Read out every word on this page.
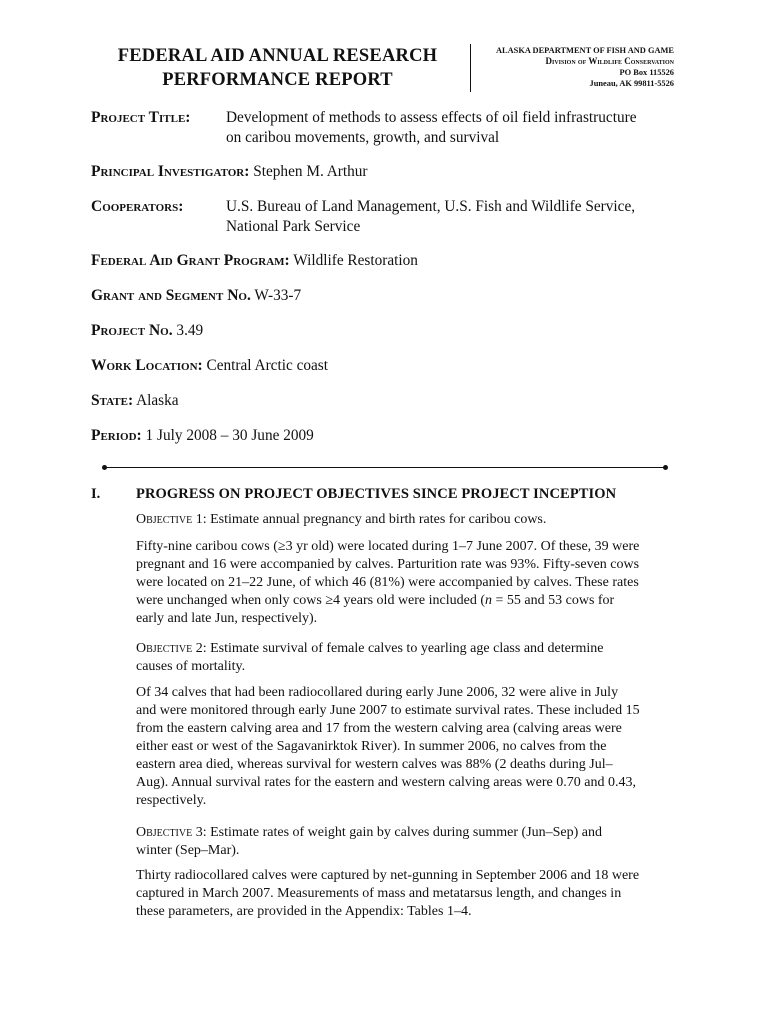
FEDERAL AID ANNUAL RESEARCH
PERFORMANCE REPORT
ALASKA DEPARTMENT OF FISH AND GAME
Division of Wildlife Conservation
PO Box 115526
Juneau, AK 99811-5526
Project Title: Development of methods to assess effects of oil field infrastructure
on caribou movements, growth, and survival
Principal Investigator: Stephen M. Arthur
Cooperators:	U.S. Bureau of Land Management, U.S. Fish and Wildlife Service,
National Park Service
Federal Aid Grant Program: Wildlife Restoration
Grant and Segment No. W-33-7
Project No. 3.49
Work Location: Central Arctic coast
State: Alaska
Period: 1 July 2008 – 30 June 2009
I. PROGRESS ON PROJECT OBJECTIVES SINCE PROJECT INCEPTION
Objective 1: Estimate annual pregnancy and birth rates for caribou cows.
Fifty-nine caribou cows (≥3 yr old) were located during 1–7 June 2007. Of these, 39 were
pregnant and 16 were accompanied by calves. Parturition rate was 93%. Fifty-seven cows
were located on 21–22 June, of which 46 (81%) were accompanied by calves. These rates
were unchanged when only cows ≥4 years old were included (n = 55 and 53 cows for
early and late Jun, respectively).
Objective 2: Estimate survival of female calves to yearling age class and determine
causes of mortality.
Of 34 calves that had been radiocollared during early June 2006, 32 were alive in July
and were monitored through early June 2007 to estimate survival rates. These included 15
from the eastern calving area and 17 from the western calving area (calving areas were
either east or west of the Sagavanirktok River). In summer 2006, no calves from the
eastern area died, whereas survival for western calves was 88% (2 deaths during Jul–
Aug). Annual survival rates for the eastern and western calving areas were 0.70 and 0.43,
respectively.
Objective 3: Estimate rates of weight gain by calves during summer (Jun–Sep) and
winter (Sep–Mar).
Thirty radiocollared calves were captured by net-gunning in September 2006 and 18 were
captured in March 2007. Measurements of mass and metatarsus length, and changes in
these parameters, are provided in the Appendix: Tables 1–4.
